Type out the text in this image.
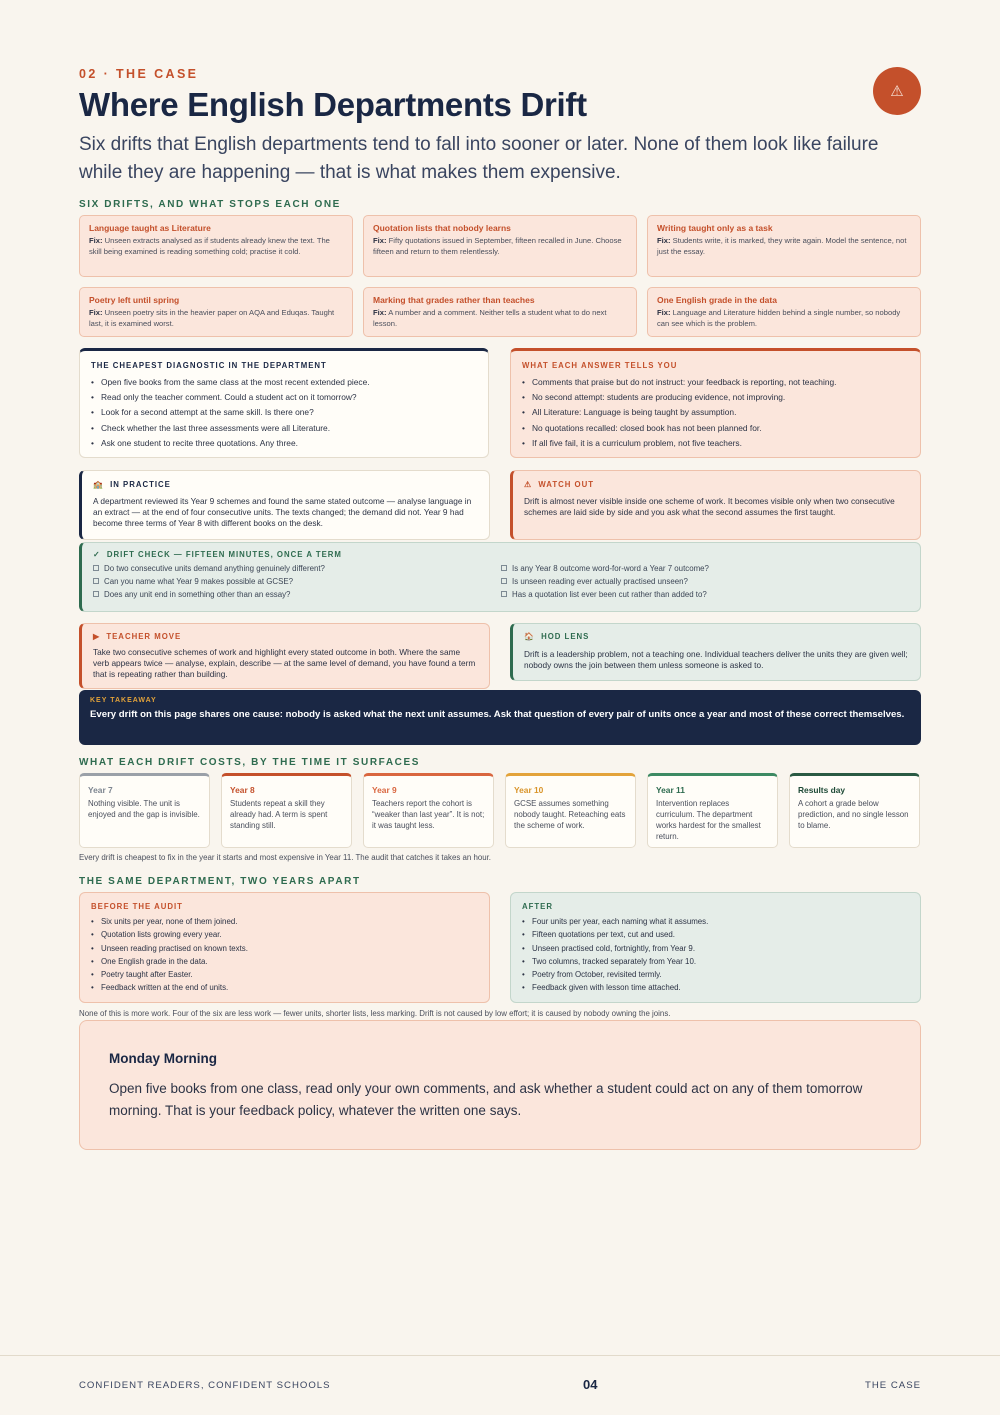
02 · THE CASE
Where English Departments Drift	⚠

Six drifts that English departments tend to fall into sooner or later. None of them look like failure while they are happening — that is what makes them expensive.

SIX DRIFTS, AND WHAT STOPS EACH ONE
Language taught as Literature

Fix: Unseen extracts analysed as if students already knew the text. The skill being examined is reading something cold; practise it cold.

Quotation lists that nobody learns

Fix: Fifty quotations issued in September, fifteen recalled in June. Choose fifteen and return to them relentlessly.

Writing taught only as a task

Fix: Students write, it is marked, they write again. Model the sentence, not just the essay.

Poetry left until spring

Fix: Unseen poetry sits in the heavier paper on AQA and Eduqas. Taught last, it is examined worst.

Marking that grades rather than teaches

Fix: A number and a comment. Neither tells a student what to do next lesson.

One English grade in the data

Fix: Language and Literature hidden behind a single number, so nobody can see which is the problem.

THE CHEAPEST DIAGNOSTIC IN THE DEPARTMENT
• Open five books from the same class at the most recent extended piece.
• Read only the teacher comment. Could a student act on it tomorrow?
• Look for a second attempt at the same skill. Is there one?
• Check whether the last three assessments were all Literature.
• Ask one student to recite three quotations. Any three.
WHAT EACH ANSWER TELLS YOU
• Comments that praise but do not instruct: your feedback is reporting, not teaching.
• No second attempt: students are producing evidence, not improving.
• All Literature: Language is being taught by assumption.
• No quotations recalled: closed book has not been planned for.
• If all five fail, it is a curriculum problem, not five teachers.
🏫 IN PRACTICE

A department reviewed its Year 9 schemes and found the same stated outcome — analyse language in an extract — at the end of four consecutive units. The texts changed; the demand did not. Year 9 had become three terms of Year 8 with different books on the desk.

⚠ WATCH OUT

Drift is almost never visible inside one scheme of work. It becomes visible only when two consecutive schemes are laid side by side and you ask what the second assumes the first taught.

✓ DRIFT CHECK — FIFTEEN MINUTES, ONCE A TERM
Do two consecutive units demand anything genuinely different?
Can you name what Year 9 makes possible at GCSE?
Does any unit end in something other than an essay?
Is any Year 8 outcome word-for-word a Year 7 outcome?
Is unseen reading ever actually practised unseen?
Has a quotation list ever been cut rather than added to?
▶ TEACHER MOVE

Take two consecutive schemes of work and highlight every stated outcome in both. Where the same verb appears twice — analyse, explain, describe — at the same level of demand, you have found a term that is repeating rather than building.

🏠 HOD LENS

Drift is a leadership problem, not a teaching one. Individual teachers deliver the units they are given well; nobody owns the join between them unless someone is asked to.

KEY TAKEAWAY

Every drift on this page shares one cause: nobody is asked what the next unit assumes. Ask that question of every pair of units once a year and most of these correct themselves.

WHAT EACH DRIFT COSTS, BY THE TIME IT SURFACES
Year 7

Nothing visible. The unit is enjoyed and the gap is invisible.

Year 8

Students repeat a skill they already had. A term is spent standing still.

Year 9

Teachers report the cohort is “weaker than last year”. It is not; it was taught less.

Year 10

GCSE assumes something nobody taught. Reteaching eats the scheme of work.

Year 11

Intervention replaces curriculum. The department works hardest for the smallest return.

Results day

A cohort a grade below prediction, and no single lesson to blame.

Every drift is cheapest to fix in the year it starts and most expensive in Year 11. The audit that catches it takes an hour.
THE SAME DEPARTMENT, TWO YEARS APART
BEFORE THE AUDIT
• Six units per year, none of them joined.
• Quotation lists growing every year.
• Unseen reading practised on known texts.
• One English grade in the data.
• Poetry taught after Easter.
• Feedback written at the end of units.
AFTER
• Four units per year, each naming what it assumes.
• Fifteen quotations per text, cut and used.
• Unseen practised cold, fortnightly, from Year 9.
• Two columns, tracked separately from Year 10.
• Poetry from October, revisited termly.
• Feedback given with lesson time attached.
None of this is more work. Four of the six are less work — fewer units, shorter lists, less marking. Drift is not caused by low effort; it is caused by nobody owning the joins.
Monday Morning

Open five books from one class, read only your own comments, and ask whether a student could act on any of them tomorrow morning. That is your feedback policy, whatever the written one says.

CONFIDENT READERS, CONFIDENT SCHOOLS	04	THE CASE
